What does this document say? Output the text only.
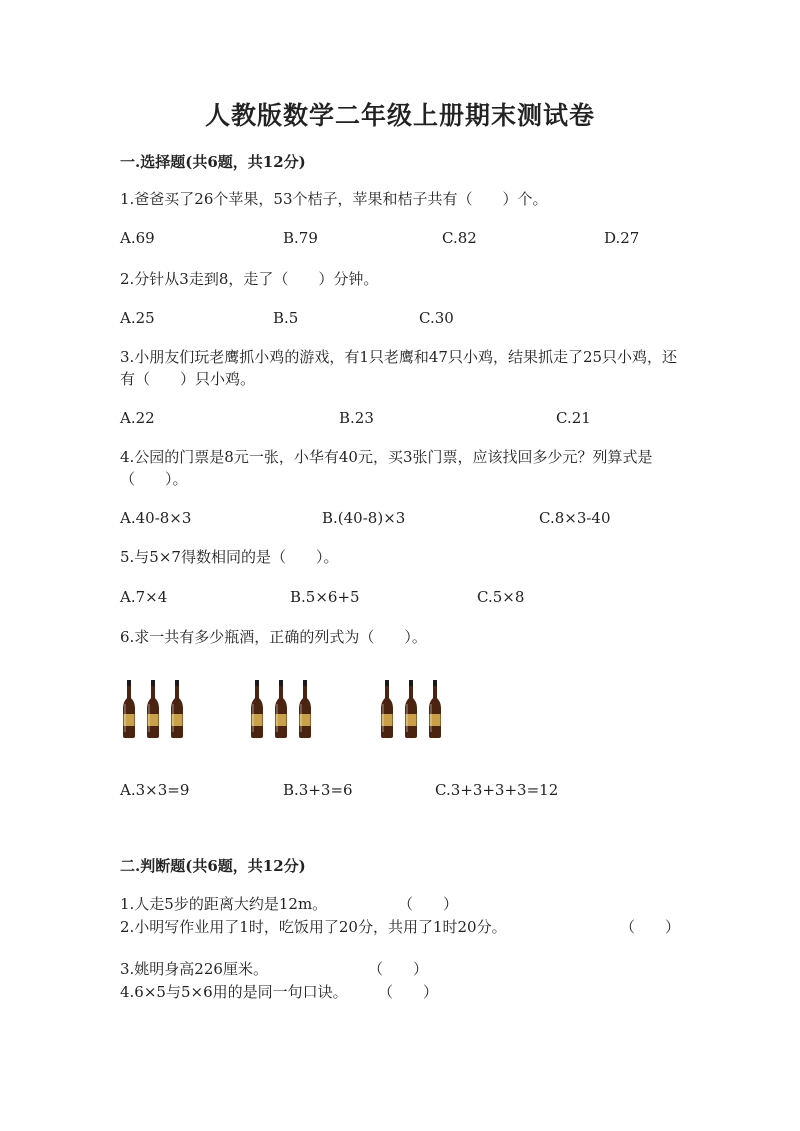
人教版数学二年级上册期末测试卷
一.选择题(共6题，共12分)
1.爸爸买了26个苹果，53个桔子，苹果和桔子共有（　　）个。
A.69	B.79	C.82	D.27
2.分针从3走到8，走了（　　）分钟。
A.25	B.5	C.30
3.小朋友们玩老鹰抓小鸡的游戏，有1只老鹰和47只小鸡，结果抓走了25只小鸡，还有（　　）只小鸡。
A.22	B.23	C.21
4.公园的门票是8元一张，小华有40元，买3张门票，应该找回多少元？列算式是（　　）。
A.40-8×3	B.(40-8)×3	C.8×3-40
5.与5×7得数相同的是（　　）。
A.7×4	B.5×6+5	C.5×8
6.求一共有多少瓶酒，正确的列式为（　　）。
A.3×3=9	B.3+3=6	C.3+3+3+3=12
二.判断题(共6题，共12分)
1.人走5步的距离大约是12m。	（　　）
2.小明写作业用了1时，吃饭用了20分，共用了1时20分。	（　　）
3.姚明身高226厘米。	（　　）
4.6×5与5×6用的是同一句口诀。 （　　）
